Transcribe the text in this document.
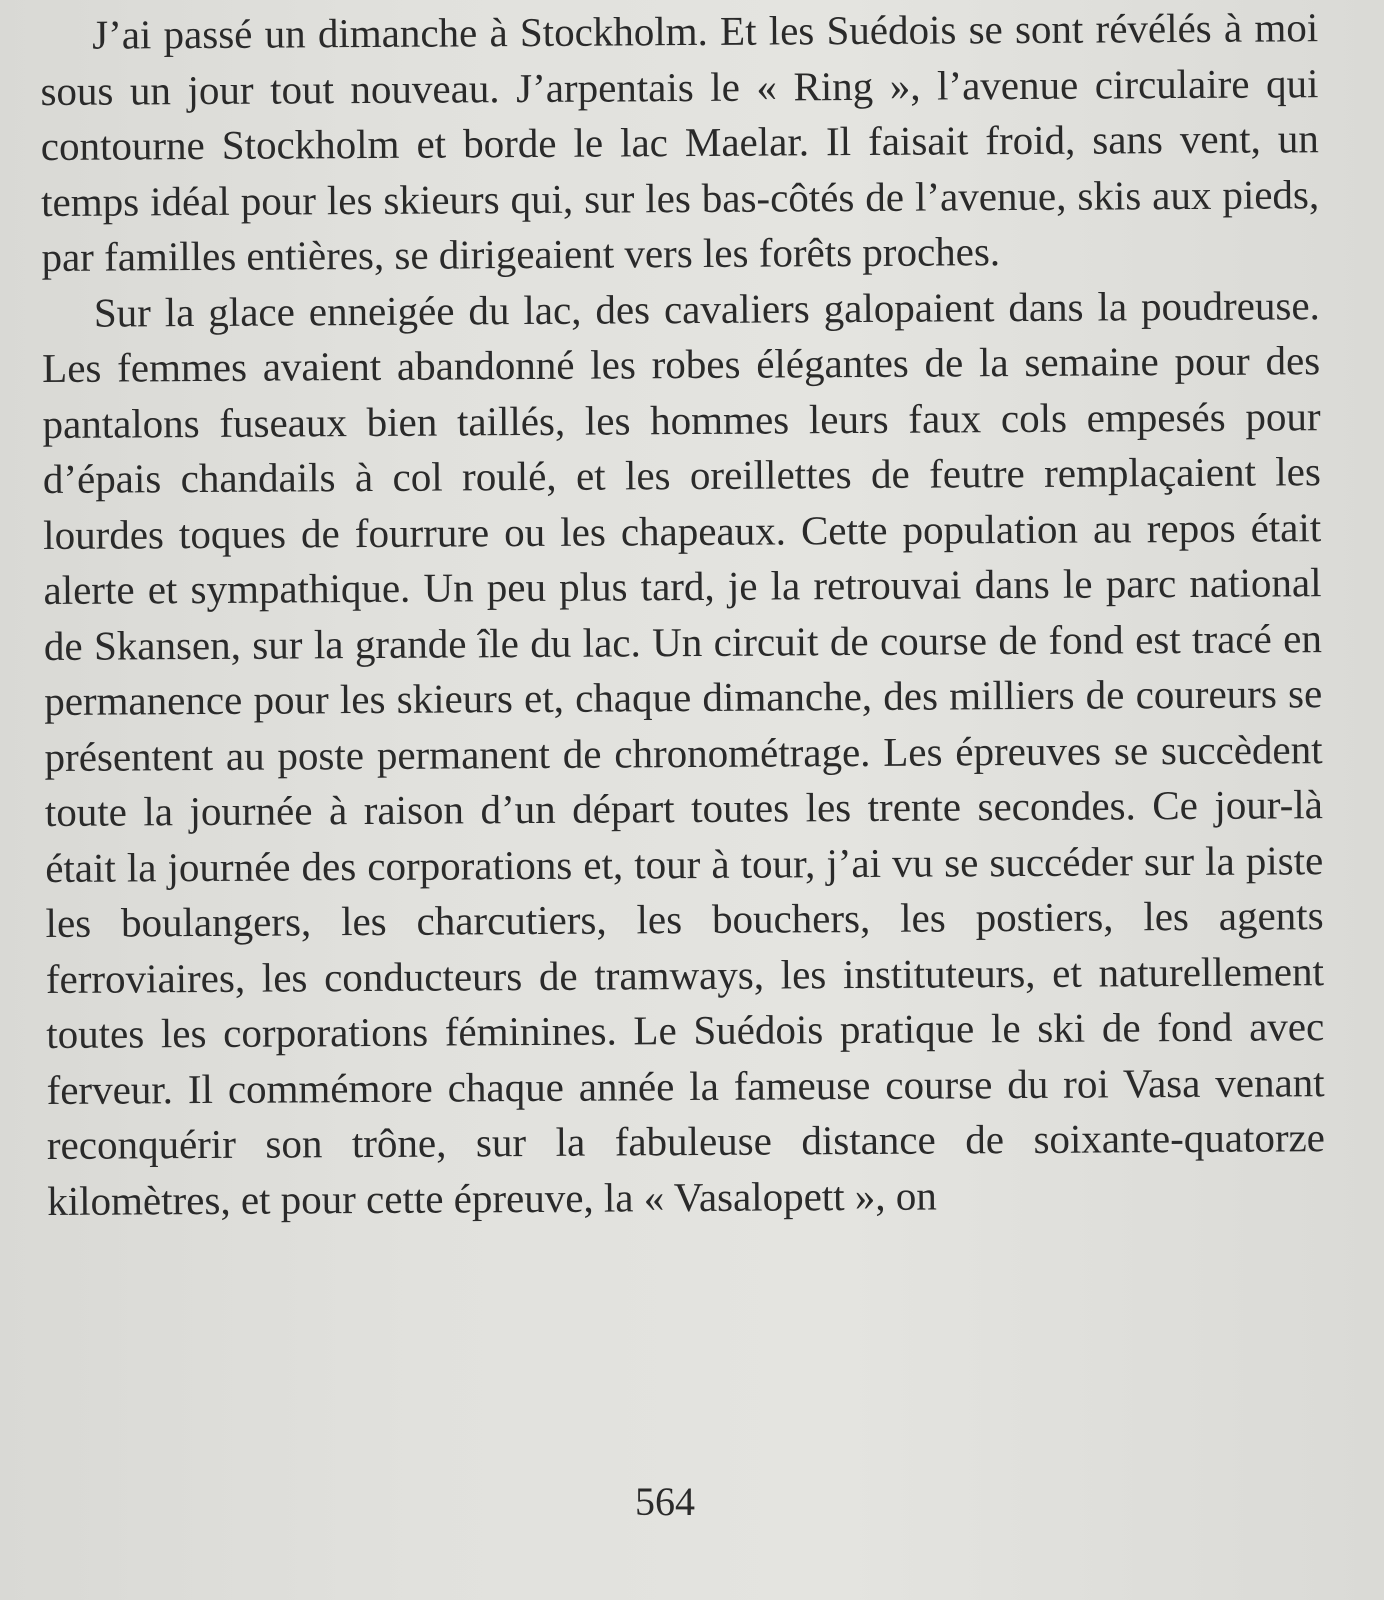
J’ai passé un dimanche à Stockholm. Et les Suédois se sont révélés à moi sous un jour tout nouveau. J’arpentais le « Ring », l’avenue circulaire qui contourne Stockholm et borde le lac Maelar. Il faisait froid, sans vent, un temps idéal pour les skieurs qui, sur les bas-côtés de l’avenue, skis aux pieds, par familles entières, se dirigeaient vers les forêts proches.

Sur la glace enneigée du lac, des cavaliers galopaient dans la poudreuse. Les femmes avaient abandonné les robes élégantes de la semaine pour des pantalons fuseaux bien taillés, les hommes leurs faux cols empesés pour d’épais chandails à col roulé, et les oreillettes de feutre remplaçaient les lourdes toques de fourrure ou les chapeaux. Cette population au repos était alerte et sympathique. Un peu plus tard, je la retrouvai dans le parc national de Skansen, sur la grande île du lac. Un circuit de course de fond est tracé en permanence pour les skieurs et, chaque dimanche, des milliers de coureurs se présentent au poste permanent de chronométrage. Les épreuves se succèdent toute la journée à raison d’un départ toutes les trente secondes. Ce jour-là était la journée des corporations et, tour à tour, j’ai vu se succéder sur la piste les boulangers, les charcutiers, les bouchers, les postiers, les agents ferroviaires, les conducteurs de tramways, les instituteurs, et naturellement toutes les corporations féminines. Le Suédois pratique le ski de fond avec ferveur. Il commémore chaque année la fameuse course du roi Vasa venant reconquérir son trône, sur la fabuleuse distance de soixante-quatorze kilomètres, et pour cette épreuve, la « Vasalopett », on

564
